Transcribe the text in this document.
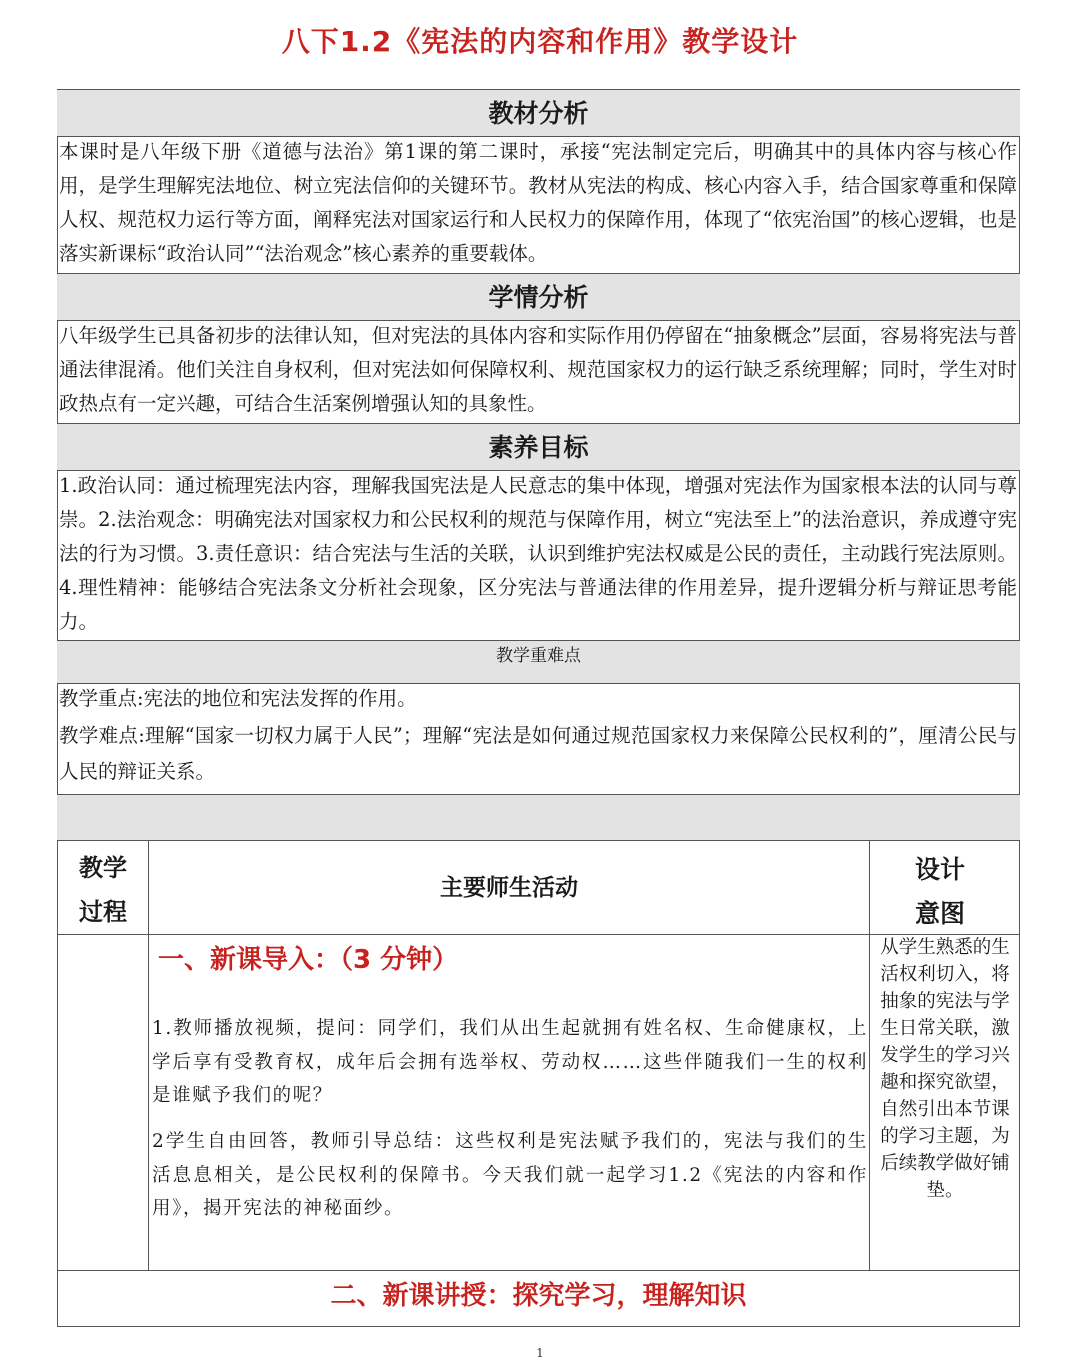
八下1.2《宪法的内容和作用》教学设计
教材分析
本课时是八年级下册《道德与法治》第1课的第二课时，承接“宪法制定完后，明确其中的具体内容与核心作用，是学生理解宪法地位、树立宪法信仰的关键环节。教材从宪法的构成、核心内容入手，结合国家尊重和保障人权、规范权力运行等方面，阐释宪法对国家运行和人民权力的保障作用，体现了“依宪治国”的核心逻辑，也是落实新课标“政治认同”“法治观念”核心素养的重要载体。
学情分析
八年级学生已具备初步的法律认知，但对宪法的具体内容和实际作用仍停留在“抽象概念”层面，容易将宪法与普通法律混淆。他们关注自身权利，但对宪法如何保障权利、规范国家权力的运行缺乏系统理解；同时，学生对时政热点有一定兴趣，可结合生活案例增强认知的具象性。
素养目标
1.政治认同：通过梳理宪法内容，理解我国宪法是人民意志的集中体现，增强对宪法作为国家根本法的认同与尊崇。2.法治观念：明确宪法对国家权力和公民权利的规范与保障作用，树立“宪法至上”的法治意识，养成遵守宪法的行为习惯。3.责任意识：结合宪法与生活的关联，认识到维护宪法权威是公民的责任，主动践行宪法原则。4.理性精神：能够结合宪法条文分析社会现象，区分宪法与普通法律的作用差异，提升逻辑分析与辩证思考能力。
教学重难点
教学重点:宪法的地位和宪法发挥的作用。
教学难点:理解“国家一切权力属于人民”；理解“宪法是如何通过规范国家权力来保障公民权利的”，厘清公民与人民的辩证关系。
教学
过程
主要师生活动
设计
意图
一、新课导入：（3 分钟）
1.教师播放视频，提问：同学们，我们从出生起就拥有姓名权、生命健康权，上学后享有受教育权，成年后会拥有选举权、劳动权……这些伴随我们一生的权利是谁赋予我们的呢？
2学生自由回答，教师引导总结：这些权利是宪法赋予我们的，宪法与我们的生活息息相关，是公民权利的保障书。今天我们就一起学习1.2《宪法的内容和作用》，揭开宪法的神秘面纱。
从学生熟悉的生活权利切入，将抽象的宪法与学生日常关联，激发学生的学习兴趣和探究欲望，自然引出本节课的学习主题，为后续教学做好铺垫。
二、新课讲授：探究学习，理解知识
1
